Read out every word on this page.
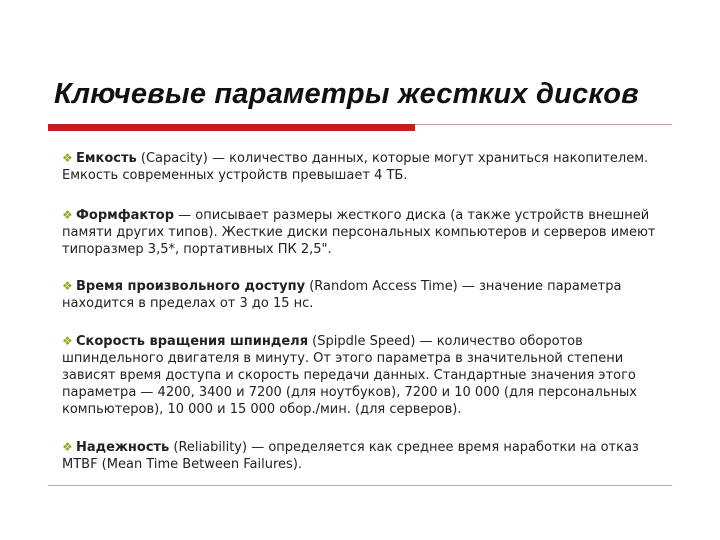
Ключевые параметры жестких дисков
❖ Емкость (Capacity) — количество данных, которые могут храниться накопителем. Емкость современных устройств превышает 4 ТБ.
❖ Формфактор — описывает размеры жесткого диска (а также устройств внешней памяти других типов). Жесткие диски персональных компьютеров и серверов имеют типоразмер 3,5*, портативных ПК 2,5".
❖ Время произвольного доступу (Random Access Time) — значение параметра находится в пределах от 3 до 15 нс.
❖ Скорость вращения шпинделя (Spipdle Speed) — количество оборотов шпиндельного двигателя в минуту. От этого параметра в значительной степени зависят время доступа и скорость передачи данных. Стандартные значения этого параметра — 4200, 3400 и 7200 (для ноутбуков), 7200 и 10 000 (для персональных компьютеров), 10 000 и 15 000 обор./мин. (для серверов).
❖ Надежность (Reliability) — определяется как среднее время наработки на отказ MTBF (Mean Time Between Failures).
